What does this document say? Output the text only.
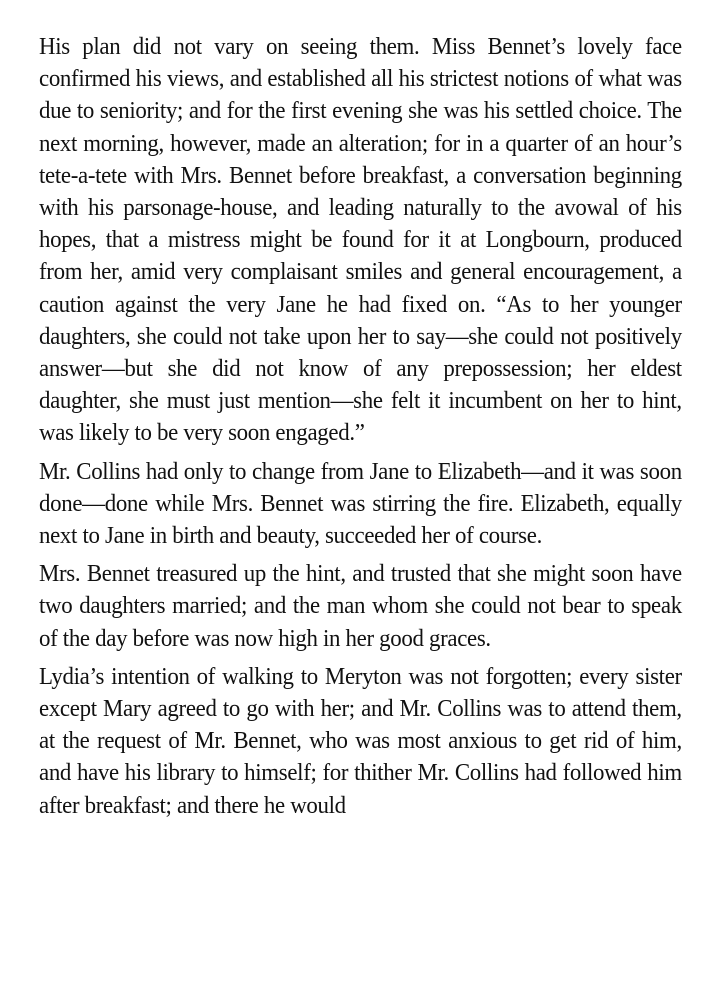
His plan did not vary on seeing them. Miss Bennet’s lovely face confirmed his views, and established all his strictest notions of what was due to seniority; and for the first evening she was his settled choice. The next morning, however, made an alteration; for in a quarter of an hour’s tete-a-tete with Mrs. Bennet before breakfast, a conversation beginning with his parsonage-house, and leading naturally to the avowal of his hopes, that a mistress might be found for it at Longbourn, produced from her, amid very complaisant smiles and general encouragement, a caution against the very Jane he had fixed on. “As to her younger daughters, she could not take upon her to say—she could not positively answer—but she did not know of any prepossession; her eldest daughter, she must just mention—she felt it incumbent on her to hint, was likely to be very soon engaged.”

Mr. Collins had only to change from Jane to Elizabeth—and it was soon done—done while Mrs. Bennet was stirring the fire. Elizabeth, equally next to Jane in birth and beauty, succeeded her of course.

Mrs. Bennet treasured up the hint, and trusted that she might soon have two daughters married; and the man whom she could not bear to speak of the day before was now high in her good graces.

Lydia’s intention of walking to Meryton was not forgotten; every sister except Mary agreed to go with her; and Mr. Collins was to attend them, at the request of Mr. Bennet, who was most anxious to get rid of him, and have his library to himself; for thither Mr. Collins had followed him after breakfast; and there he would
